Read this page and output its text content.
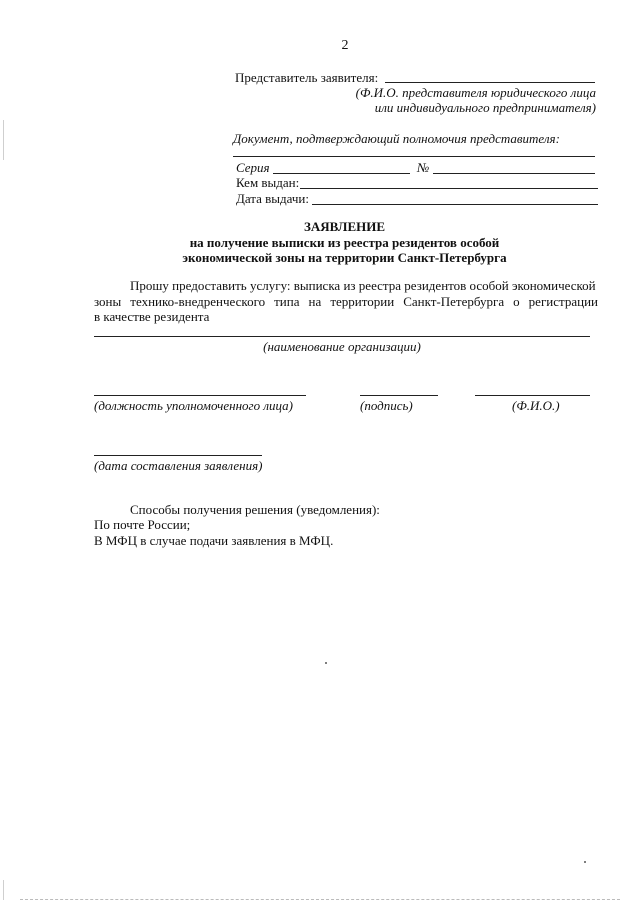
2
Представитель заявителя:
(Ф.И.О. представителя юридического лица
или индивидуального предпринимателя)
Документ, подтверждающий полномочия представителя:
Серия	№
Кем выдан:
Дата выдачи:
ЗАЯВЛЕНИЕ
на получение выписки из реестра резидентов особой
экономической зоны на территории Санкт-Петербурга
Прошу предоставить услугу: выписка из реестра резидентов особой экономической
зоны технико-внедренческого типа на территории Санкт-Петербурга о регистрации
в качестве резидента
(наименование организации)
(должность уполномоченного лица)	(подпись)	(Ф.И.О.)
(дата составления заявления)
Способы получения решения (уведомления):
По почте России;
В МФЦ в случае подачи заявления в МФЦ.
